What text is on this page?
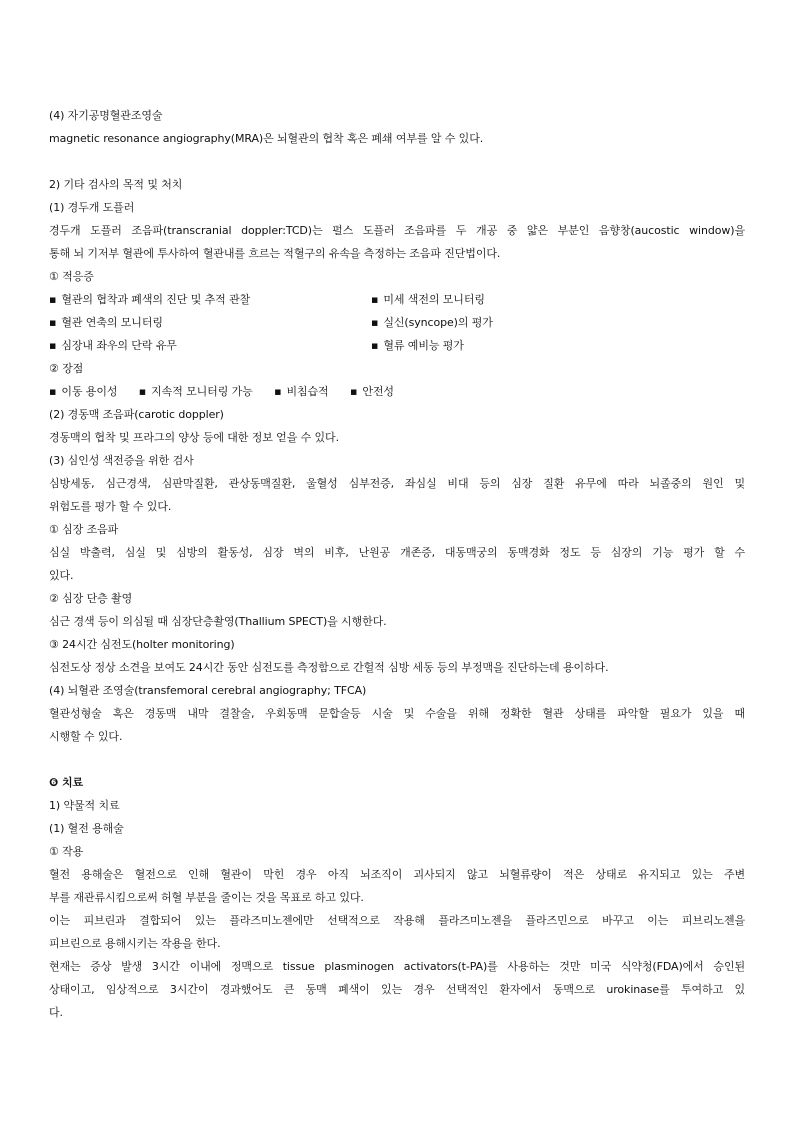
(4) 자기공명혈관조영술
magnetic resonance angiography(MRA)은 뇌혈관의 협착 혹은 폐쇄 여부를 알 수 있다.
2) 기타 검사의 목적 및 처치
(1) 경두개 도플러
경두개 도플러 조음파(transcranial doppler:TCD)는 펄스 도플러 조음파를 두 개공 중 얇은 부분인 음향창(aucostic window)을
통해 뇌 기저부 혈관에 투사하여 혈관내를 흐르는 적혈구의 유속을 측정하는 조음파 진단법이다.
① 적응증
▪ 혈관의 협착과 폐색의 진단 및 추적 관찰	▪ 미세 색전의 모니터링
▪ 혈관 연축의 모니터링	▪ 실신(syncope)의 평가
▪ 심장내 좌우의 단락 유무	▪ 혈류 예비능 평가
② 장점
▪ 이동 용이성 ▪ 지속적 모니터링 가능 ▪ 비침습적 ▪ 안전성
(2) 경동맥 조음파(carotic doppler)
경동맥의 협착 및 프라그의 양상 등에 대한 정보 얻을 수 있다.
(3) 심인성 색전증을 위한 검사
심방세동, 심근경색, 심판막질환, 관상동맥질환, 울혈성 심부전증, 좌심실 비대 등의 심장 질환 유무에 따라 뇌졸중의 원인 및
위험도를 평가 할 수 있다.
① 심장 조음파
심실 박출력, 심실 및 심방의 활동성, 심장 벽의 비후, 난원공 개존증, 대동맥궁의 동맥경화 정도 등 심장의 기능 평가 할 수
있다.
② 심장 단층 촬영
심근 경색 등이 의심될 때 심장단층촬영(Thallium SPECT)을 시행한다.
③ 24시간 심전도(holter monitoring)
심전도상 정상 소견을 보여도 24시간 동안 심전도를 측정함으로 간헐적 심방 세동 등의 부정맥을 진단하는데 용이하다.
(4) 뇌혈관 조영술(transfemoral cerebral angiography; TFCA)
혈관성형술 혹은 경동맥 내막 결찰술, 우회동맥 문합술등 시술 및 수술을 위해 정확한 혈관 상태를 파악할 필요가 있을 때
시행할 수 있다.
❻ 치료
1) 약물적 치료
(1) 혈전 용해술
① 작용
혈전 용해술은 혈전으로 인해 혈관이 막힌 경우 아직 뇌조직이 괴사되지 않고 뇌혈류량이 적은 상태로 유지되고 있는 주변
부를 재관류시킴으로써 허혈 부분을 줄이는 것을 목표로 하고 있다.
이는 피브린과 결합되어 있는 플라즈미노젠에만 선택적으로 작용해 플라즈미노젠을 플라즈민으로 바꾸고 이는 피브리노젠을
피브린으로 용해시키는 작용을 한다.
현재는 증상 발생 3시간 이내에 정맥으로 tissue plasminogen activators(t-PA)를 사용하는 것만 미국 식약청(FDA)에서 승인된
상태이고, 임상적으로 3시간이 경과했어도 큰 동맥 폐색이 있는 경우 선택적인 환자에서 동맥으로 urokinase를 투여하고 있
다.
